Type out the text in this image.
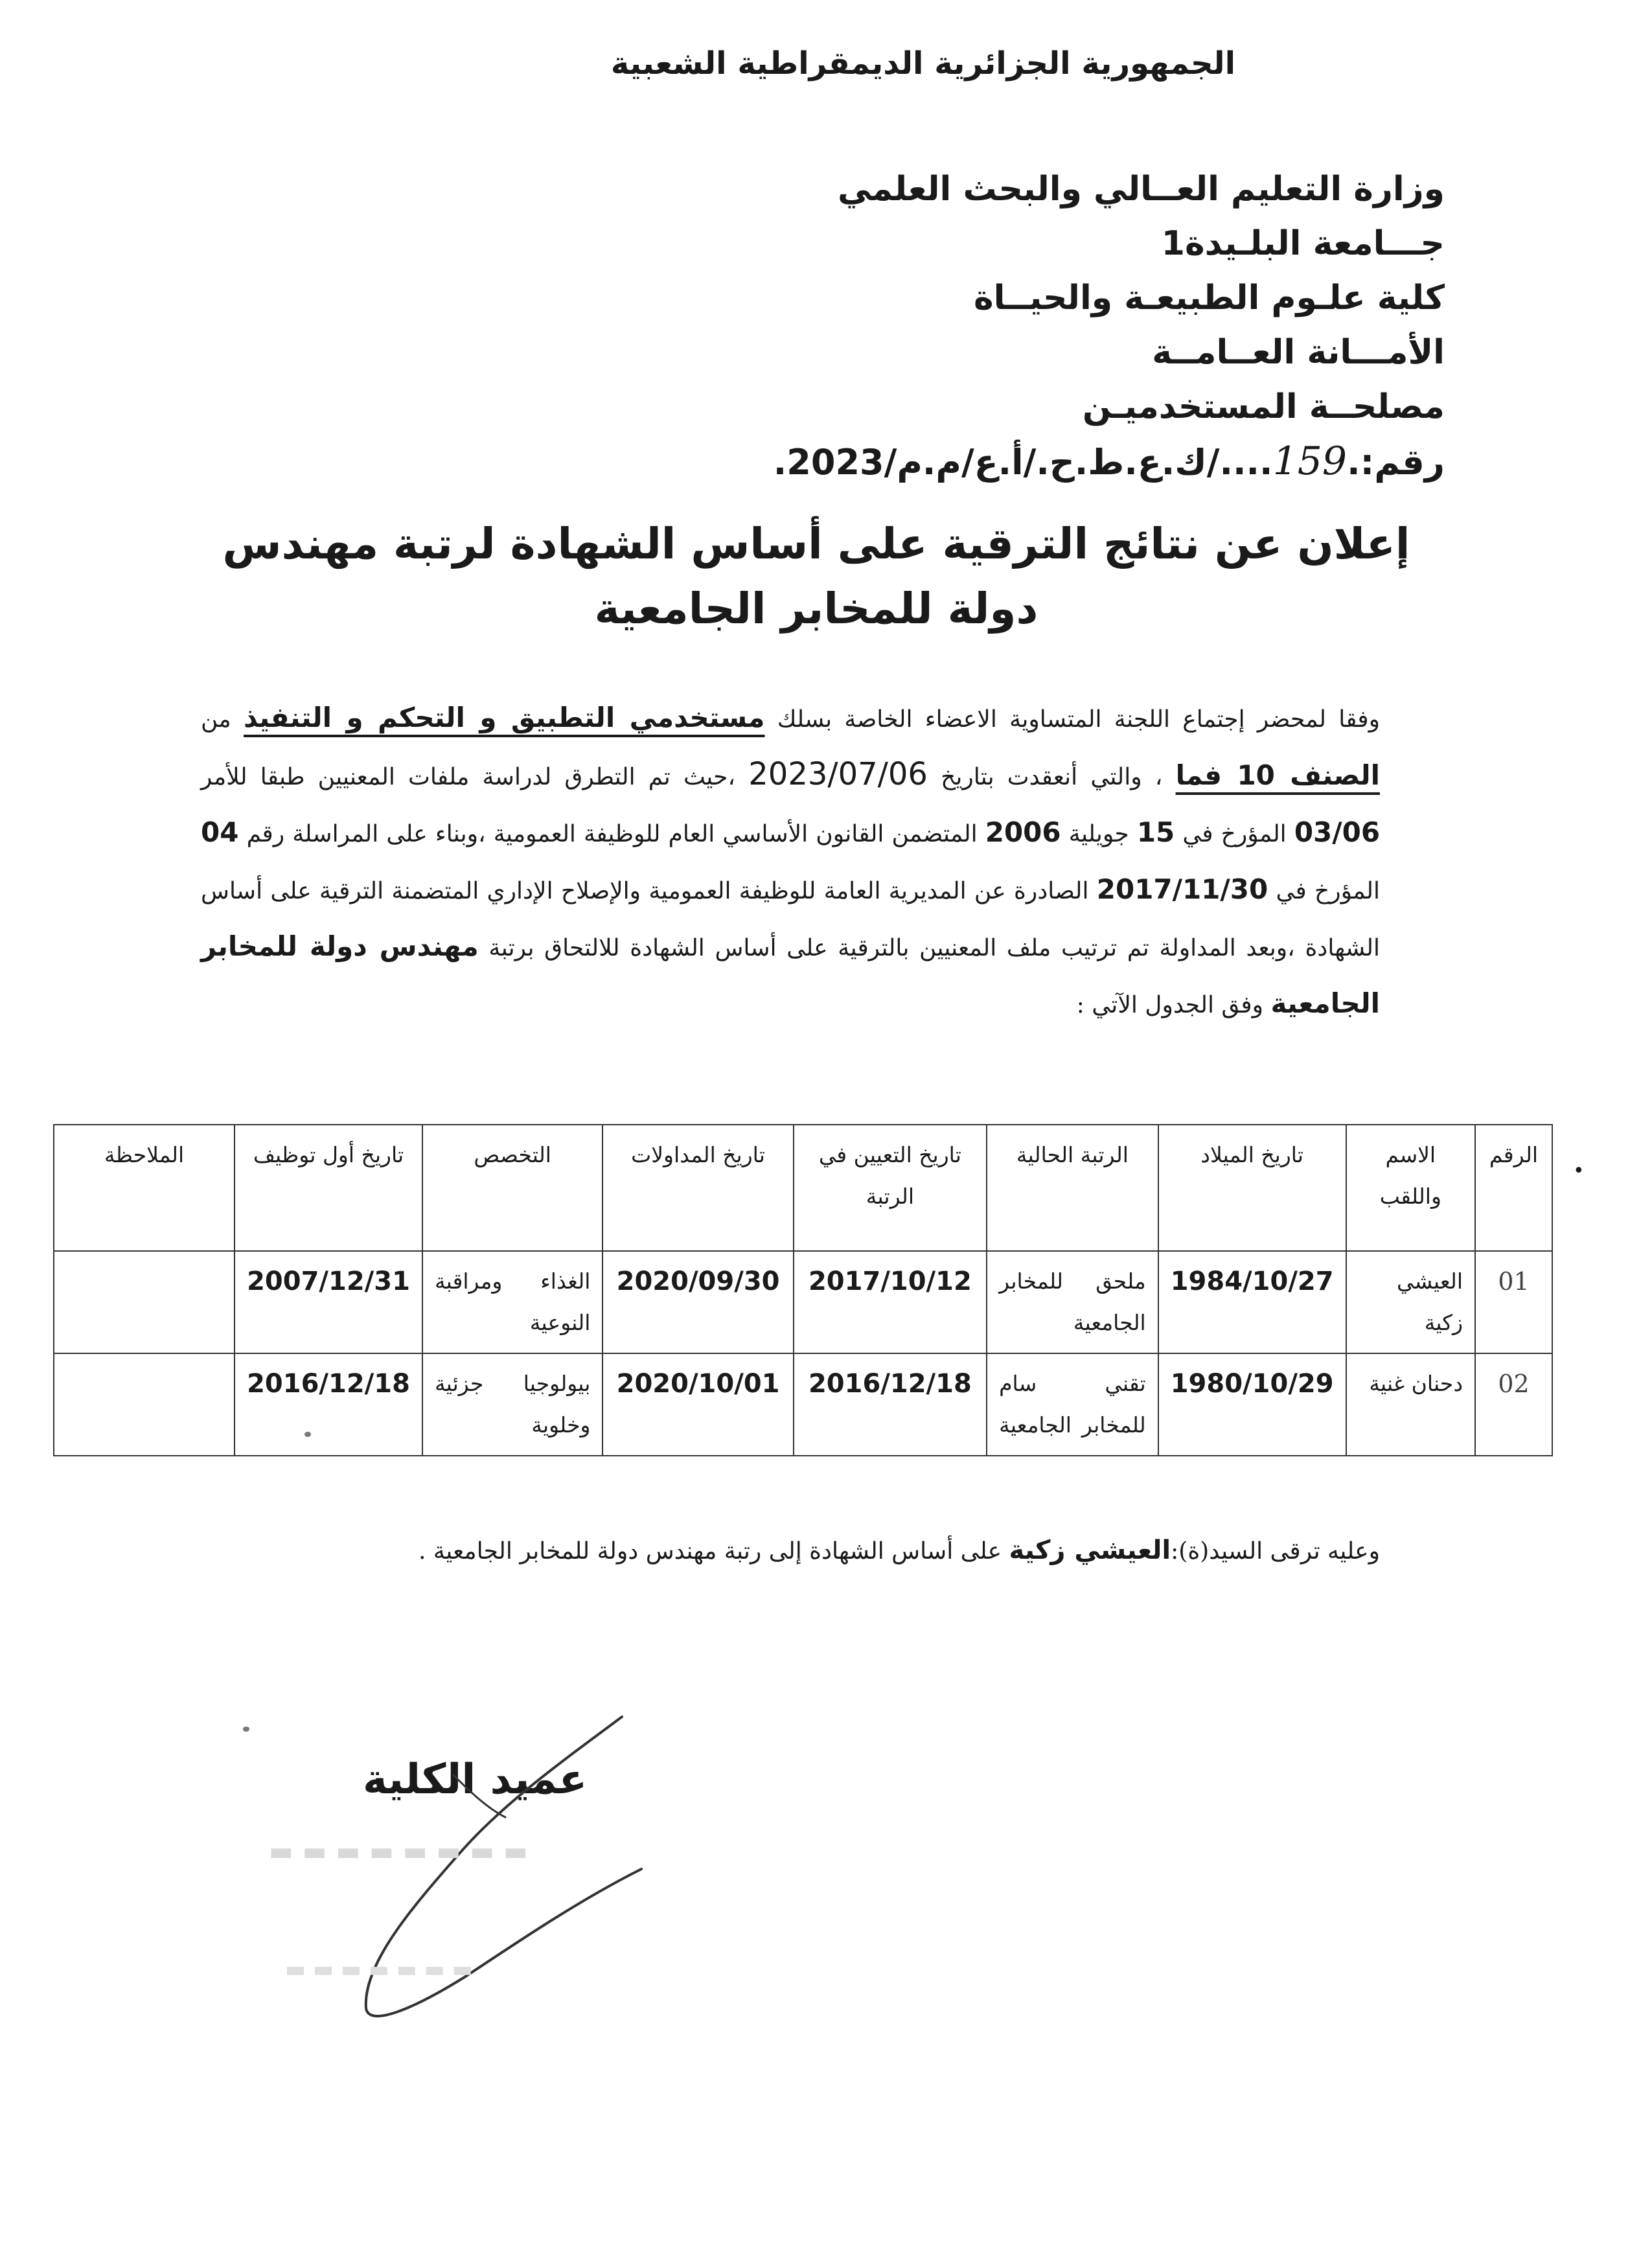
الجمهورية الجزائرية الديمقراطية الشعبية
وزارة التعليم العــالي والبحث العلمي
جـــامعة البلـيدة1
كلية علـوم الطبيعـة والحيــاة
الأمـــانة العــامــة
مصلحــة المستخدميـن
رقم:.159..../ك.ع.ط.ح./أ.ع/م.م/2023.
إعلان عن نتائج الترقية على أساس الشهادة لرتبة مهندس دولة للمخابر الجامعية
وفقا لمحضر إجتماع اللجنة المتساوية الاعضاء الخاصة بسلك مستخدمي التطبيق و التحكم و التنفيذ من الصنف 10 فما ، والتي أنعقدت بتاريخ 2023/07/06 ،حيث تم التطرق لدراسة ملفات المعنيين طبقا للأمر 03/06 المؤرخ في 15 جويلية 2006 المتضمن القانون الأساسي العام للوظيفة العمومية ،وبناء على المراسلة رقم 04 المؤرخ في 2017/11/30 الصادرة عن المديرية العامة للوظيفة العمومية والإصلاح الإداري المتضمنة الترقية على أساس الشهادة ،وبعد المداولة تم ترتيب ملف المعنيين بالترقية على أساس الشهادة للالتحاق برتبة مهندس دولة للمخابر الجامعية وفق الجدول الآتي :
•
الرقم	الاسم واللقب	تاريخ الميلاد	الرتبة الحالية	تاريخ التعيين في الرتبة	تاريخ المداولات	التخصص	تاريخ أول توظيف	الملاحظة
01	العيشي زكية	1984/10/27	ملحق للمخابر الجامعية	2017/10/12	2020/09/30	الغذاء ومراقبة النوعية	2007/12/31	
02	دحنان غنية	1980/10/29	تقني سام للمخابر الجامعية	2016/12/18	2020/10/01	بيولوجيا جزئية وخلوية	2016/12/18	
وعليه ترقى السيد(ة):العيشي زكية على أساس الشهادة إلى رتبة مهندس دولة للمخابر الجامعية .
عميد الكلية
▬ ▬ ▬ ▬ ▬ ▬ ▬ ▬
▬ ▬ ▬ ▬ ▬ ▬ ▬
